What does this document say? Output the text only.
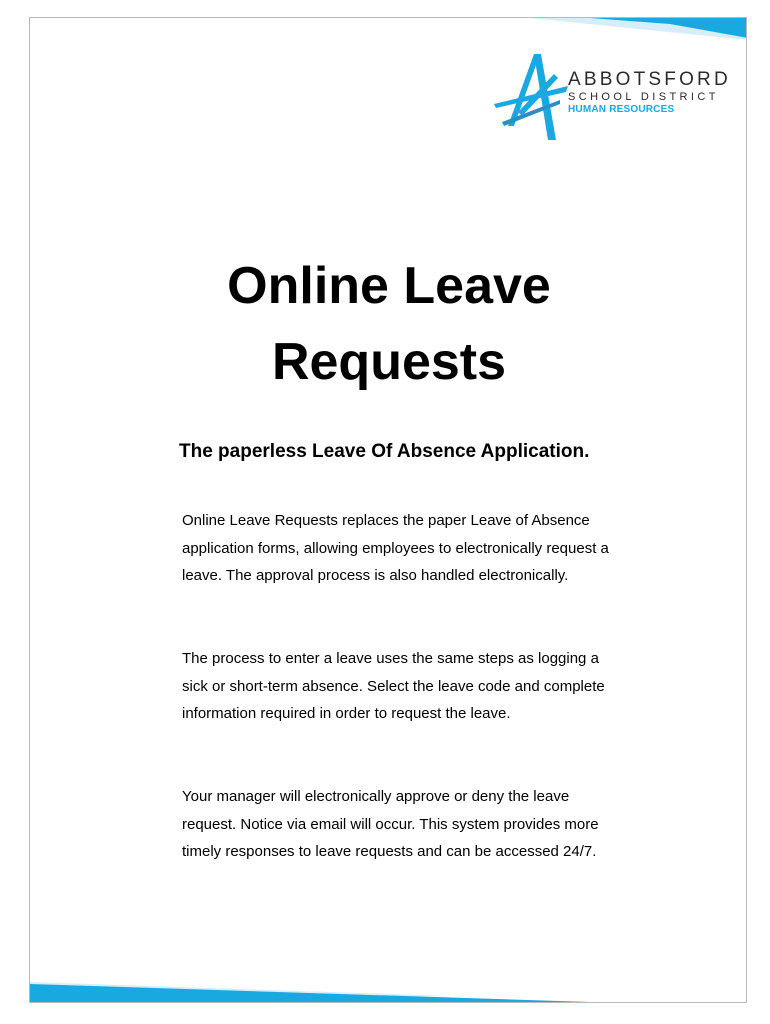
ABBOTSFORD
SCHOOL DISTRICT
HUMAN RESOURCES
Online Leave
Requests
The paperless Leave Of Absence Application.

Online Leave Requests replaces the paper Leave of Absence application forms, allowing employees to electronically request a leave. The approval process is also handled electronically.

The process to enter a leave uses the same steps as logging a sick or short-term absence. Select the leave code and complete information required in order to request the leave.

Your manager will electronically approve or deny the leave request. Notice via email will occur. This system provides more timely responses to leave requests and can be accessed 24/7.
